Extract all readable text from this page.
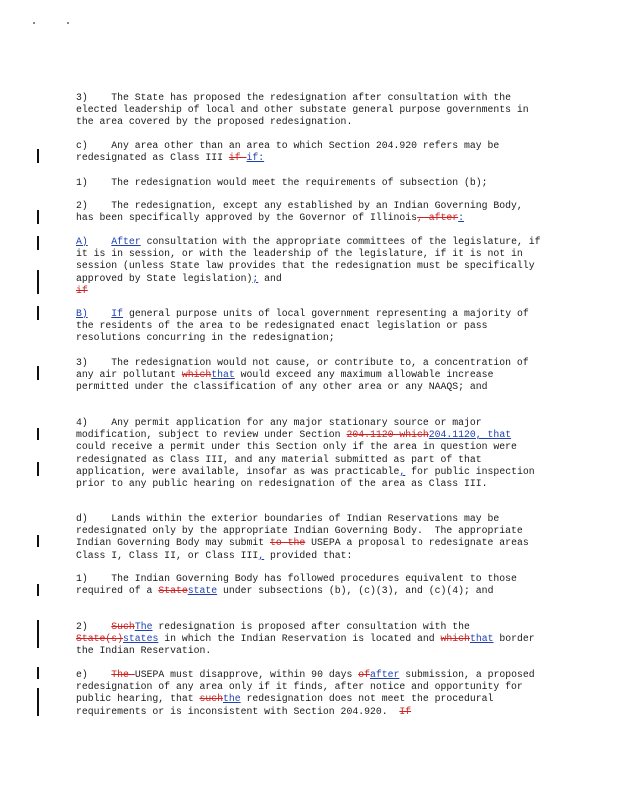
3)    The State has proposed the redesignation after consultation with the elected leadership of local and other substate general purpose governments in the area covered by the proposed redesignation.

c)    Any area other than an area to which Section 204.920 refers may be redesignated as Class III if if:

1)    The redesignation would meet the requirements of subsection (b);

2)    The redesignation, except any established by an Indian Governing Body, has been specifically approved by the Governor of Illinois, after:

A) After consultation with the appropriate committees of the legislature, if it is in session, or with the leadership of the legislature, if it is not in session (unless State law provides that the redesignation must be specifically approved by State legislation); and
if

B) If general purpose units of local government representing a majority of the residents of the area to be redesignated enact legislation or pass resolutions concurring in the redesignation;

3)    The redesignation would not cause, or contribute to, a concentration of any air pollutant whichthat would exceed any maximum allowable increase permitted under the classification of any other area or any NAAQS; and

4)    Any permit application for any major stationary source or major modification, subject to review under Section 204.1120 which204.1120, that could receive a permit under this Section only if the area in question were redesignated as Class III, and any material submitted as part of that application, were available, insofar as was practicable, for public inspection prior to any public hearing on redesignation of the area as Class III.

d)    Lands within the exterior boundaries of Indian Reservations may be redesignated only by the appropriate Indian Governing Body.  The appropriate Indian Governing Body may submit to the USEPA a proposal to redesignate areas Class I, Class II, or Class III, provided that:

1)    The Indian Governing Body has followed procedures equivalent to those required of a Statestate under subsections (b), (c)(3), and (c)(4); and

2)    SuchThe redesignation is proposed after consultation with the State(s)states in which the Indian Reservation is located and whichthat border the Indian Reservation.

e)    The USEPA must disapprove, within 90 days ofafter submission, a proposed redesignation of any area only if it finds, after notice and opportunity for public hearing, that suchthe redesignation does not meet the procedural requirements or is inconsistent with Section 204.920.  If
